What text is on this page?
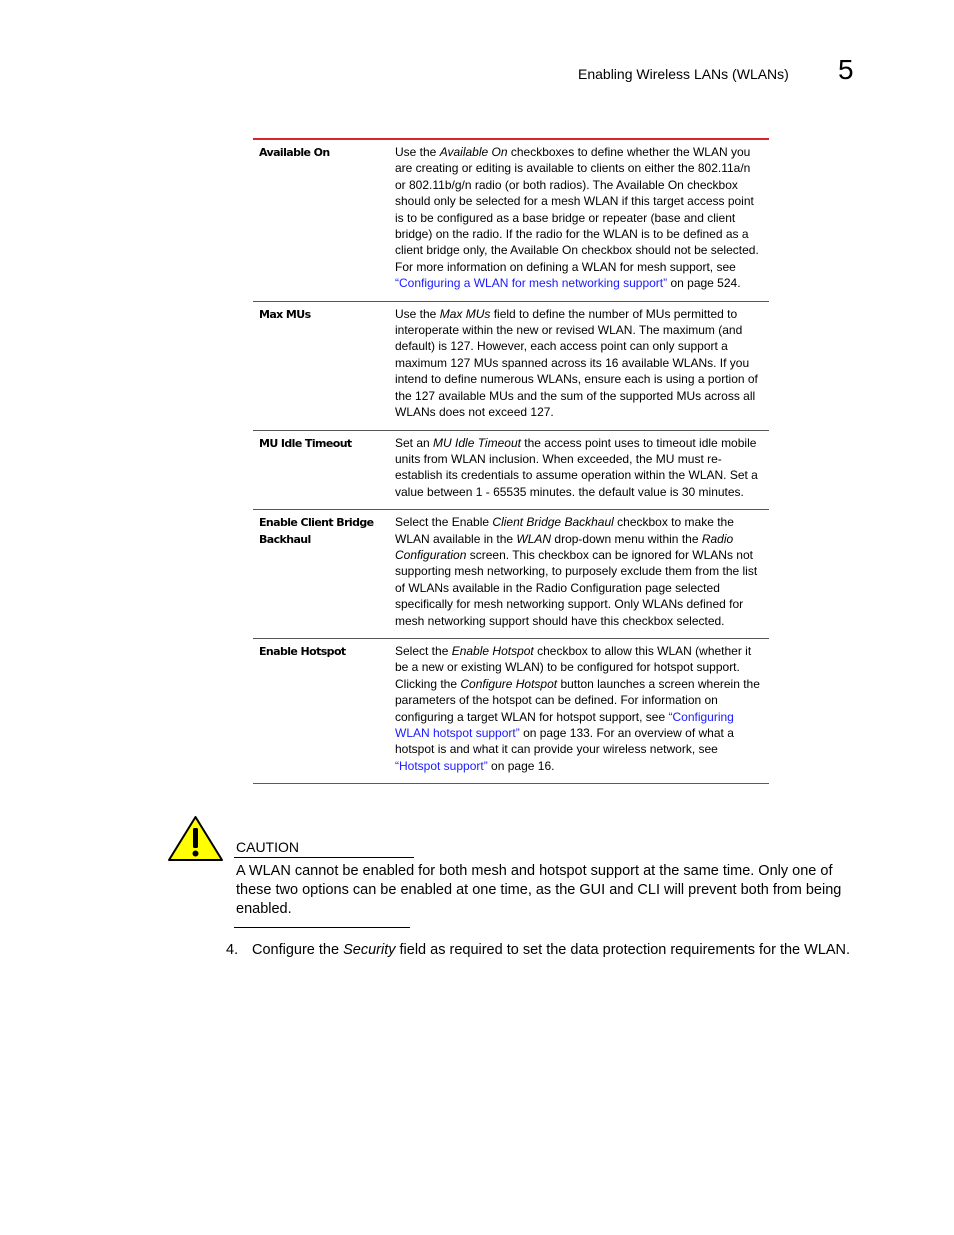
Enabling Wireless LANs (WLANs) 5
Available On	Use the Available On checkboxes to define whether the WLAN you are creating or editing is available to clients on either the 802.11a/n or 802.11b/g/n radio (or both radios). The Available On checkbox should only be selected for a mesh WLAN if this target access point is to be configured as a base bridge or repeater (base and client bridge) on the radio. If the radio for the WLAN is to be defined as a client bridge only, the Available On checkbox should not be selected. For more information on defining a WLAN for mesh support, see “Configuring a WLAN for mesh networking support” on page 524.
Max MUs	Use the Max MUs field to define the number of MUs permitted to interoperate within the new or revised WLAN. The maximum (and default) is 127. However, each access point can only support a maximum 127 MUs spanned across its 16 available WLANs. If you intend to define numerous WLANs, ensure each is using a portion of the 127 available MUs and the sum of the supported MUs across all WLANs does not exceed 127.
MU Idle Timeout	Set an MU Idle Timeout the access point uses to timeout idle mobile units from WLAN inclusion. When exceeded, the MU must re-establish its credentials to assume operation within the WLAN. Set a value between 1 - 65535 minutes. the default value is 30 minutes.
Enable Client Bridge Backhaul	Select the Enable Client Bridge Backhaul checkbox to make the WLAN available in the WLAN drop-down menu within the Radio Configuration screen. This checkbox can be ignored for WLANs not supporting mesh networking, to purposely exclude them from the list of WLANs available in the Radio Configuration page selected specifically for mesh networking support. Only WLANs defined for mesh networking support should have this checkbox selected.
Enable Hotspot	Select the Enable Hotspot checkbox to allow this WLAN (whether it be a new or existing WLAN) to be configured for hotspot support. Clicking the Configure Hotspot button launches a screen wherein the parameters of the hotspot can be defined. For information on configuring a target WLAN for hotspot support, see “Configuring WLAN hotspot support” on page 133. For an overview of what a hotspot is and what it can provide your wireless network, see “Hotspot support” on page 16.
CAUTION
A WLAN cannot be enabled for both mesh and hotspot support at the same time. Only one of these two options can be enabled at one time, as the GUI and CLI will prevent both from being enabled.
4. Configure the Security field as required to set the data protection requirements for the WLAN.
